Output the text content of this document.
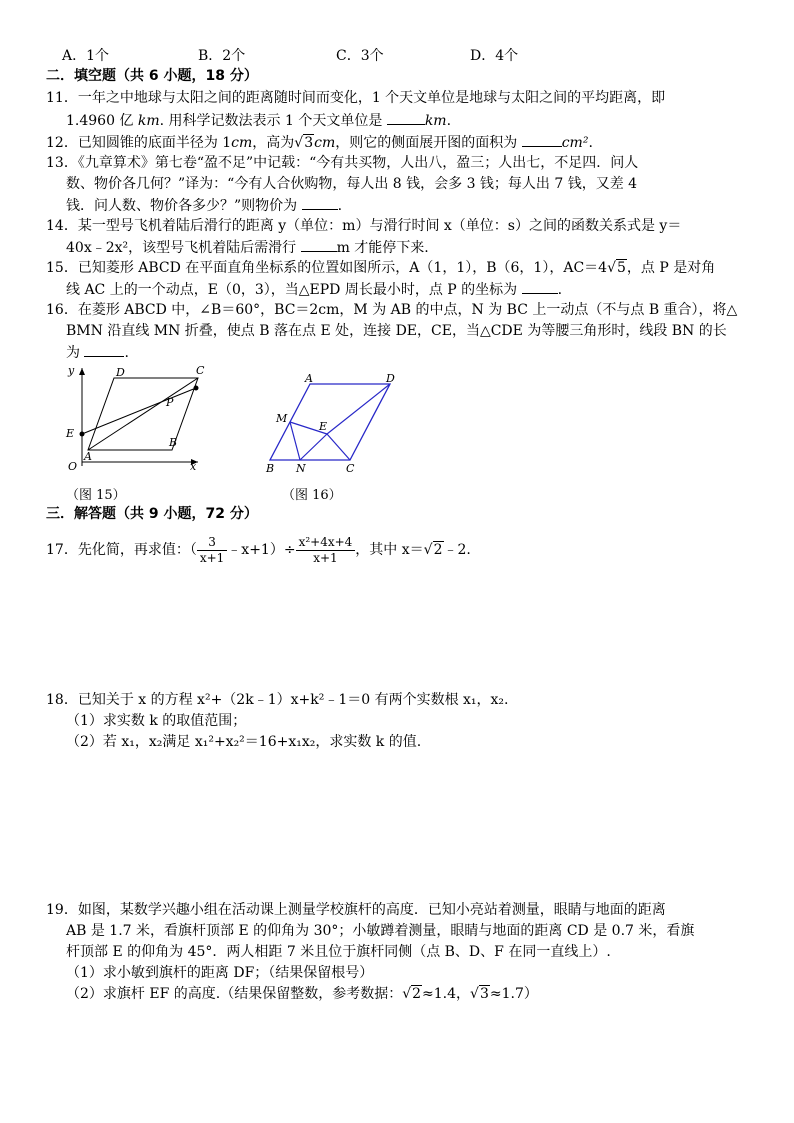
A．1个	B．2个	C．3个	D．4个
二．填空题（共 6 小题，18 分）
11．一年之中地球与太阳之间的距离随时间而变化，1 个天文单位是地球与太阳之间的平均距离，即
1.4960 亿 km. 用科学记数法表示 1 个天文单位是	km.
12．已知圆锥的底面半径为 1cm，高为√3cm，则它的侧面展开图的面积为	cm².
13．《九章算术》第七卷“盈不足”中记载：“今有共买物，人出八，盈三；人出七，不足四．问人
数、物价各几何？”译为：“今有人合伙购物，每人出 8 钱，会多 3 钱；每人出 7 钱，又差 4
钱．问人数、物价各多少？”则物价为	.
14．某一型号飞机着陆后滑行的距离 y（单位：m）与滑行时间 x（单位：s）之间的函数关系式是 y＝
40x﹣2x²，该型号飞机着陆后需滑行	m 才能停下来.
15．已知菱形 ABCD 在平面直角坐标系的位置如图所示，A（1，1），B（6，1），AC＝4√5，点 P 是对角
线 AC 上的一个动点，E（0，3），当△EPD 周长最小时，点 P 的坐标为	.
16．在菱形 ABCD 中，∠B＝60°，BC＝2cm，M 为 AB 的中点，N 为 BC 上一动点（不与点 B 重合），将△
BMN 沿直线 MN 折叠，使点 B 落在点 E 处，连接 DE，CE，当△CDE 为等腰三角形时，线段 BN 的长
为	.
y
x
O
A
B
C
D
E
P
（图 15）
A	D
M
E
B N	C
（图 16）
三．解答题（共 9 小题，72 分）
17．先化简，再求值：（ $\frac{3}{x+1}$ ﹣x+1）÷ $\frac{\text{x²+4x+4}}{x+1}$ ，其中 x＝√2﹣2.
18．已知关于 x 的方程 x²+（2k﹣1）x+k²﹣1＝0 有两个实数根 x₁，x₂.
（1）求实数 k 的取值范围；
（2）若 x₁，x₂满足 x₁²+x₂²＝16+x₁x₂，求实数 k 的值.
19．如图，某数学兴趣小组在活动课上测量学校旗杆的高度．已知小亮站着测量，眼睛与地面的距离
AB 是 1.7 米，看旗杆顶部 E 的仰角为 30°；小敏蹲着测量，眼睛与地面的距离 CD 是 0.7 米，看旗
杆顶部 E 的仰角为 45°．两人相距 7 米且位于旗杆同侧（点 B、D、F 在同一直线上）.
（1）求小敏到旗杆的距离 DF；（结果保留根号）
（2）求旗杆 EF 的高度.（结果保留整数，参考数据：√2≈1.4，√3≈1.7）
